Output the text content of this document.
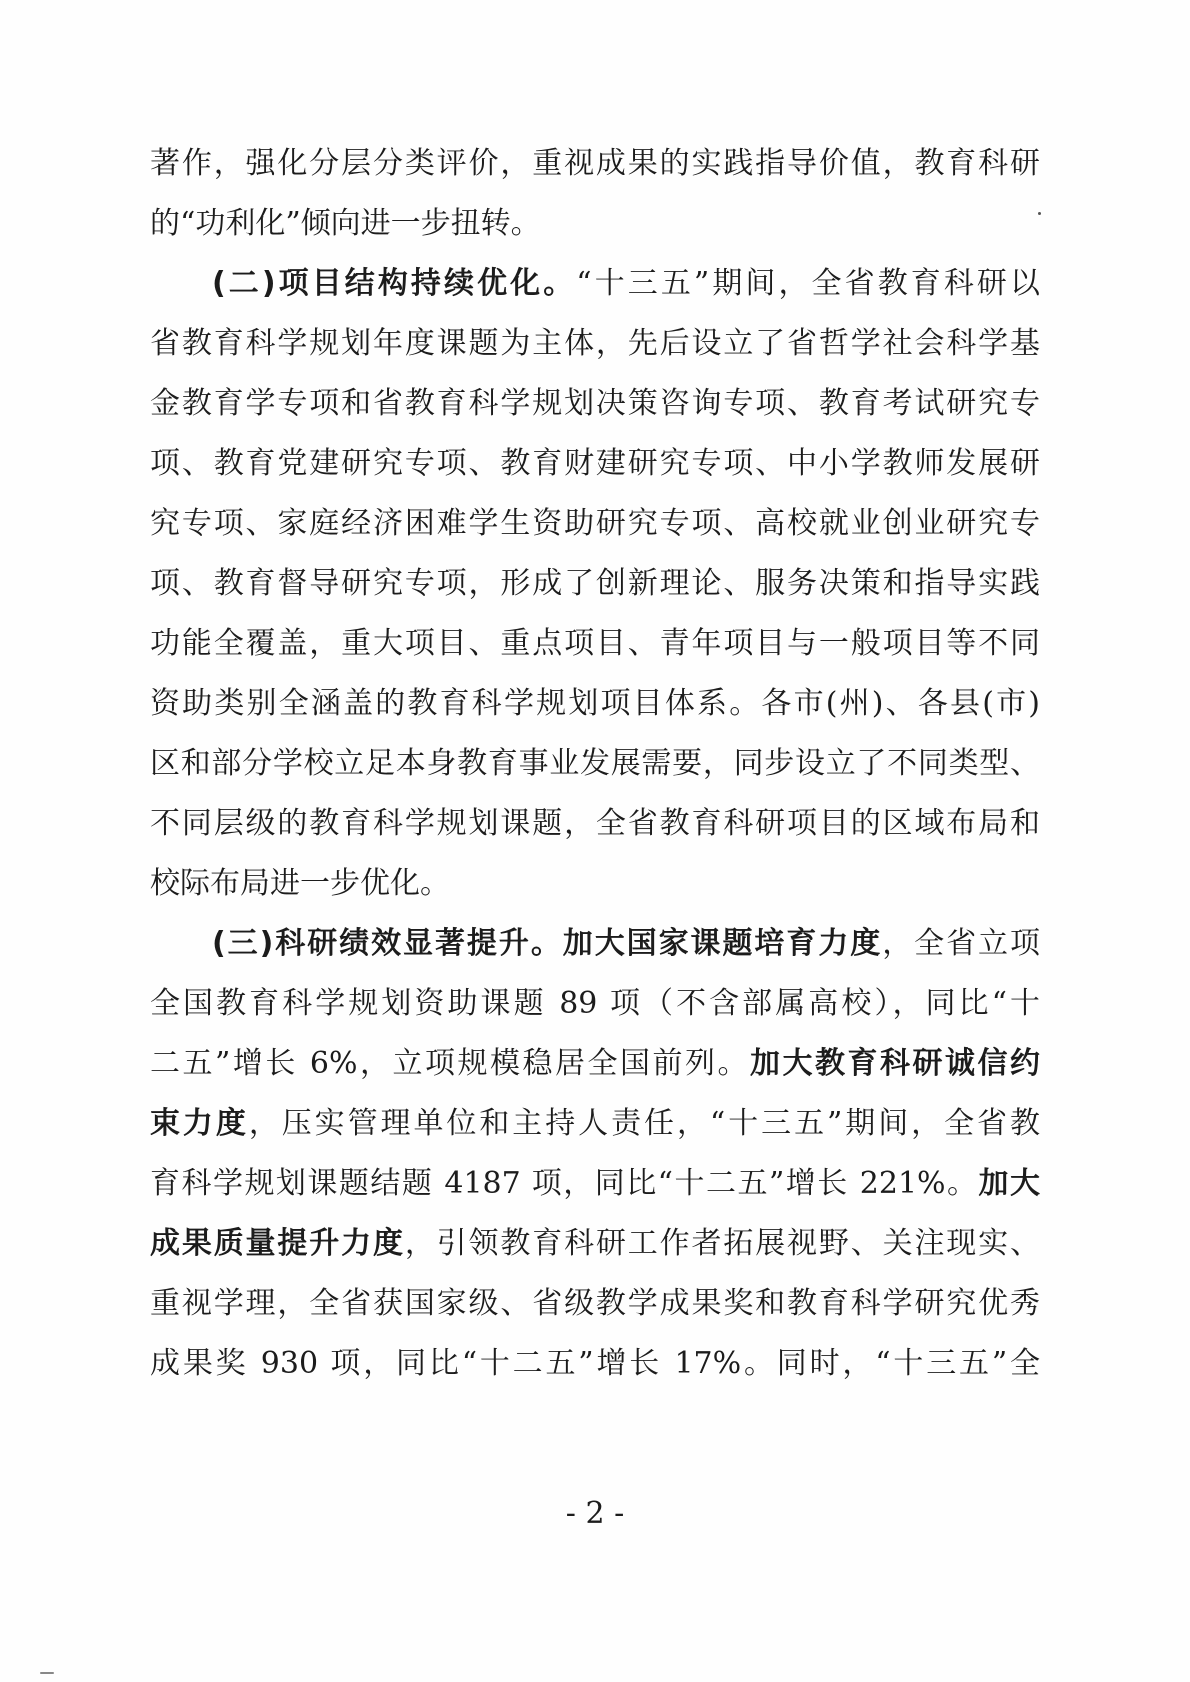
著作，强化分层分类评价，重视成果的实践指导价值，教育科研
的“功利化”倾向进一步扭转。
(二)项目结构持续优化。“十三五”期间，全省教育科研以
省教育科学规划年度课题为主体，先后设立了省哲学社会科学基
金教育学专项和省教育科学规划决策咨询专项、教育考试研究专
项、教育党建研究专项、教育财建研究专项、中小学教师发展研
究专项、家庭经济困难学生资助研究专项、高校就业创业研究专
项、教育督导研究专项，形成了创新理论、服务决策和指导实践
功能全覆盖，重大项目、重点项目、青年项目与一般项目等不同
资助类别全涵盖的教育科学规划项目体系。各市(州)、各县(市)
区和部分学校立足本身教育事业发展需要，同步设立了不同类型、
不同层级的教育科学规划课题，全省教育科研项目的区域布局和
校际布局进一步优化。
(三)科研绩效显著提升。加大国家课题培育力度，全省立项
全国教育科学规划资助课题 89 项（不含部属高校），同比“十
二五”增长 6%，立项规模稳居全国前列。加大教育科研诚信约
束力度，压实管理单位和主持人责任，“十三五”期间，全省教
育科学规划课题结题 4187 项，同比“十二五”增长 221%。加大
成果质量提升力度，引领教育科研工作者拓展视野、关注现实、
重视学理，全省获国家级、省级教学成果奖和教育科学研究优秀
成果奖 930 项，同比“十二五”增长 17%。同时，“十三五”全
- 2 -
